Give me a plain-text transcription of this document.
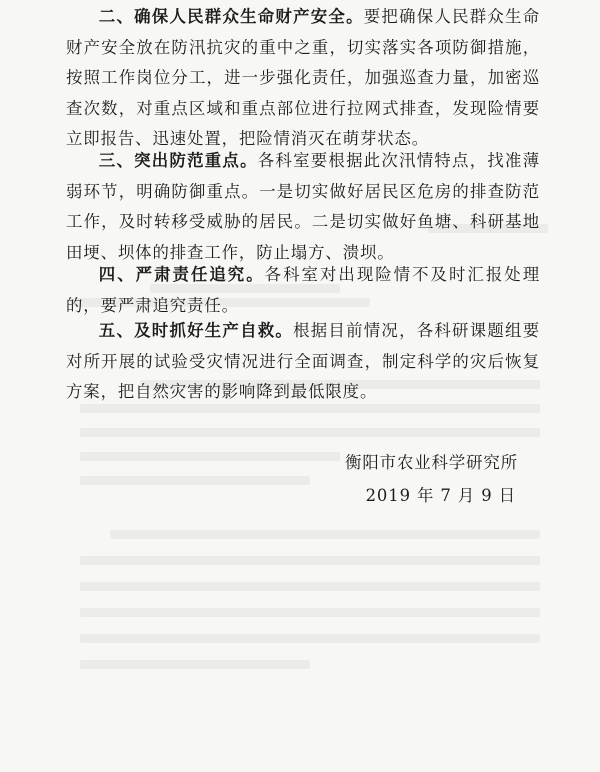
二、确保人民群众生命财产安全。要把确保人民群众生命财产安全放在防汛抗灾的重中之重，切实落实各项防御措施，按照工作岗位分工，进一步强化责任，加强巡查力量，加密巡查次数，对重点区域和重点部位进行拉网式排查，发现险情要立即报告、迅速处置，把险情消灭在萌芽状态。

三、突出防范重点。各科室要根据此次汛情特点，找准薄弱环节，明确防御重点。一是切实做好居民区危房的排查防范工作，及时转移受威胁的居民。二是切实做好鱼塘、科研基地田埂、坝体的排查工作，防止塌方、溃坝。

四、严肃责任追究。各科室对出现险情不及时汇报处理的，要严肃追究责任。

五、及时抓好生产自救。根据目前情况，各科研课题组要对所开展的试验受灾情况进行全面调查，制定科学的灾后恢复方案，把自然灾害的影响降到最低限度。

衡阳市农业科学研究所
2019 年 7 月 9 日
